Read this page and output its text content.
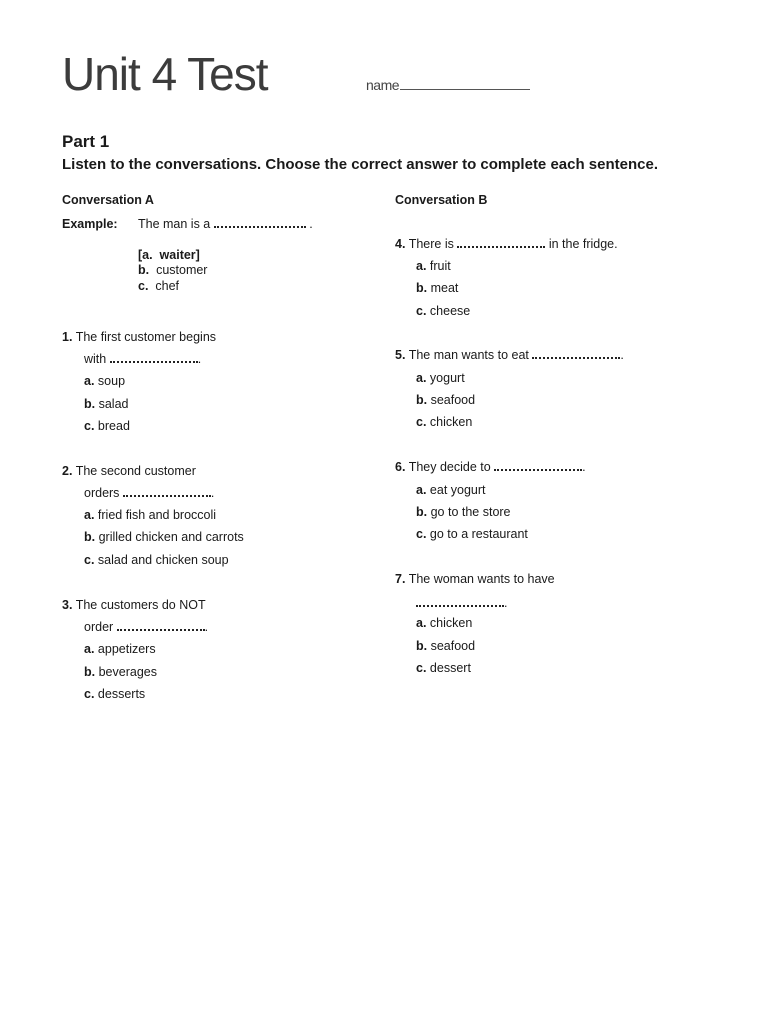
Unit 4 Test	name
Part 1
Listen to the conversations. Choose the correct answer to complete each sentence.
Conversation A
Example: The man is a	.
[a. waiter]
b. customer
c. chef
1. The first customer begins
with	.
a. soup
b. salad
c. bread
2. The second customer
orders	.
a. fried fish and broccoli
b. grilled chicken and carrots
c. salad and chicken soup
3. The customers do NOT
order	.
a. appetizers
b. beverages
c. desserts
Conversation B
4. There is	in the fridge.
a. fruit
b. meat
c. cheese
5. The man wants to eat	.
a. yogurt
b. seafood
c. chicken
6. They decide to	.
a. eat yogurt
b. go to the store
c. go to a restaurant
7. The woman wants to have
.
a. chicken
b. seafood
c. dessert
